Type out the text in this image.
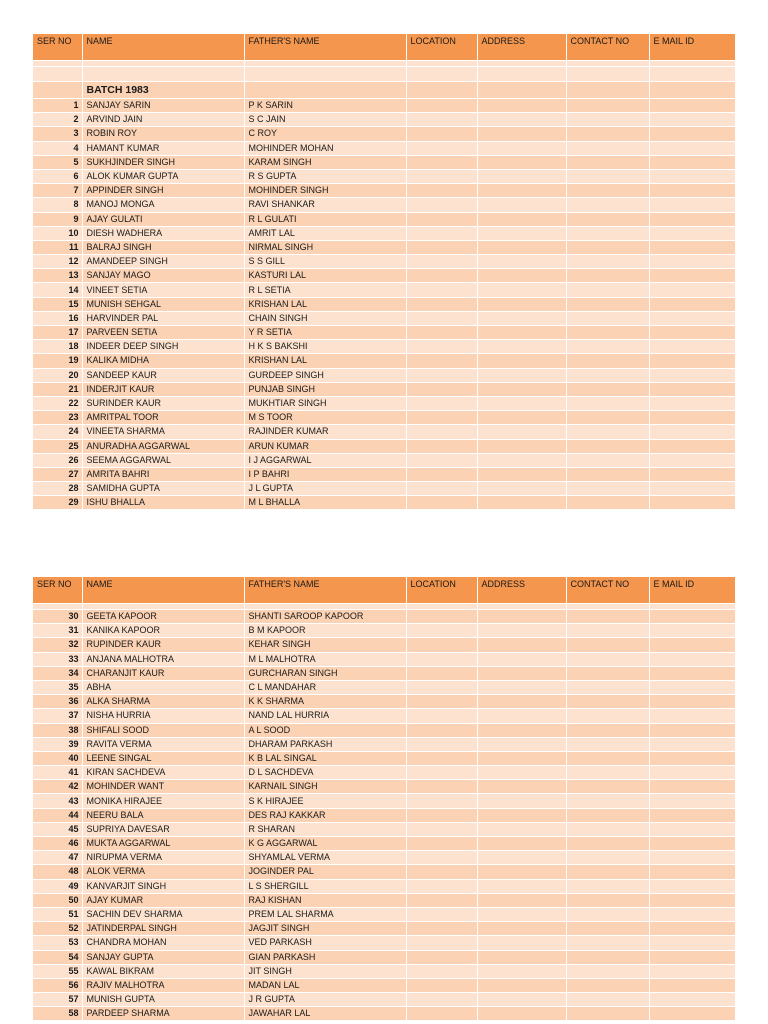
SER NO	NAME	FATHER'S NAME	LOCATION	ADDRESS	CONTACT NO	E MAIL ID

	BATCH 1983					
1	SANJAY SARIN	P K SARIN				
2	ARVIND JAIN	S C JAIN				
3	ROBIN ROY	C ROY				
4	HAMANT KUMAR	MOHINDER MOHAN				
5	SUKHJINDER SINGH	KARAM SINGH				
6	ALOK KUMAR GUPTA	R S GUPTA				
7	APPINDER SINGH	MOHINDER SINGH				
8	MANOJ MONGA	RAVI SHANKAR				
9	AJAY GULATI	R L GULATI				
10	DIESH WADHERA	AMRIT LAL				
11	BALRAJ SINGH	NIRMAL SINGH				
12	AMANDEEP SINGH	S S GILL				
13	SANJAY MAGO	KASTURI LAL				
14	VINEET SETIA	R L SETIA				
15	MUNISH SEHGAL	KRISHAN LAL				
16	HARVINDER PAL	CHAIN SINGH				
17	PARVEEN SETIA	Y R SETIA				
18	INDEER DEEP SINGH	H K S BAKSHI				
19	KALIKA MIDHA	KRISHAN LAL				
20	SANDEEP KAUR	GURDEEP SINGH				
21	INDERJIT KAUR	PUNJAB SINGH				
22	SURINDER KAUR	MUKHTIAR SINGH				
23	AMRITPAL TOOR	M S TOOR				
24	VINEETA SHARMA	RAJINDER KUMAR				
25	ANURADHA AGGARWAL	ARUN KUMAR				
26	SEEMA AGGARWAL	I J AGGARWAL				
27	AMRITA BAHRI	I P BAHRI				
28	SAMIDHA GUPTA	J L GUPTA				
29	ISHU BHALLA	M L BHALLA				
SER NO	NAME	FATHER'S NAME	LOCATION	ADDRESS	CONTACT NO	E MAIL ID

30	GEETA KAPOOR	SHANTI SAROOP KAPOOR				
31	KANIKA KAPOOR	B M KAPOOR				
32	RUPINDER KAUR	KEHAR SINGH				
33	ANJANA MALHOTRA	M L MALHOTRA				
34	CHARANJIT KAUR	GURCHARAN SINGH				
35	ABHA	C L MANDAHAR				
36	ALKA SHARMA	K K SHARMA				
37	NISHA HURRIA	NAND LAL HURRIA				
38	SHIFALI SOOD	A L SOOD				
39	RAVITA VERMA	DHARAM PARKASH				
40	LEENE SINGAL	K B LAL SINGAL				
41	KIRAN SACHDEVA	D L SACHDEVA				
42	MOHINDER WANT	KARNAIL SINGH				
43	MONIKA HIRAJEE	S K HIRAJEE				
44	NEERU BALA	DES RAJ KAKKAR				
45	SUPRIYA DAVESAR	R SHARAN				
46	MUKTA AGGARWAL	K G AGGARWAL				
47	NIRUPMA VERMA	SHYAMLAL VERMA				
48	ALOK VERMA	JOGINDER PAL				
49	KANVARJIT SINGH	L S SHERGILL				
50	AJAY KUMAR	RAJ KISHAN				
51	SACHIN DEV SHARMA	PREM LAL SHARMA				
52	JATINDERPAL SINGH	JAGJIT SINGH				
53	CHANDRA MOHAN	VED PARKASH				
54	SANJAY GUPTA	GIAN PARKASH				
55	KAWAL BIKRAM	JIT SINGH				
56	RAJIV MALHOTRA	MADAN LAL				
57	MUNISH GUPTA	J R GUPTA				
58	PARDEEP SHARMA	JAWAHAR LAL				
